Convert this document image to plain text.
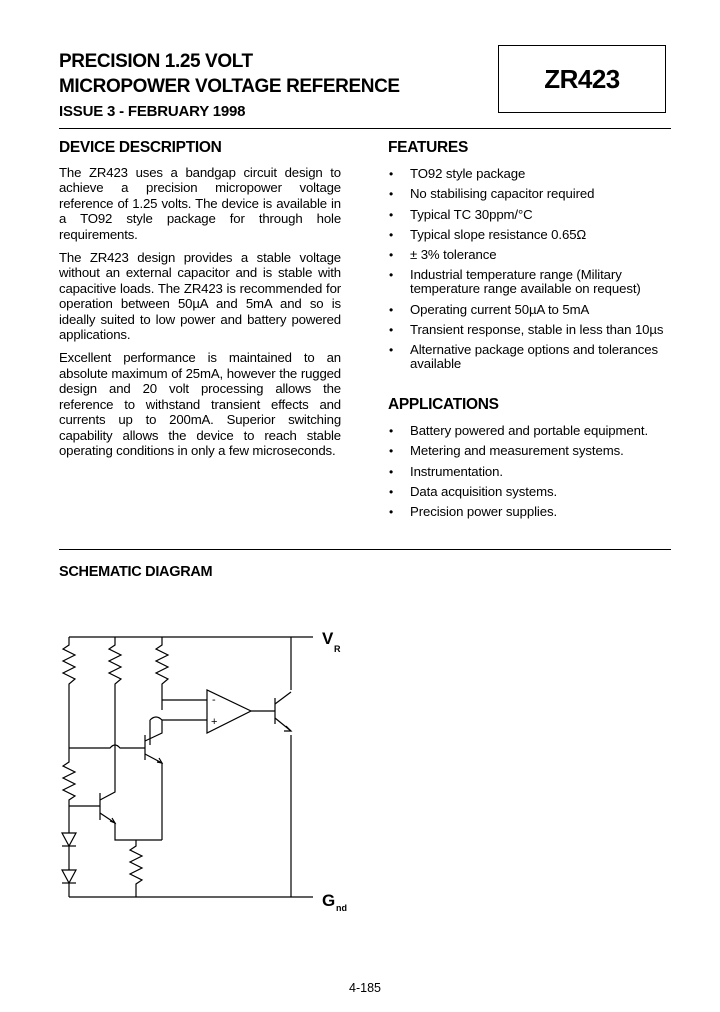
PRECISION 1.25 VOLT
MICROPOWER VOLTAGE REFERENCE
ISSUE 3 - FEBRUARY 1998
ZR423
DEVICE DESCRIPTION

The ZR423 uses a bandgap circuit design to achieve a precision micropower voltage reference of 1.25 volts. The device is available in a TO92 style package for through hole requirements.

The ZR423 design provides a stable voltage without an external capacitor and is stable with capacitive loads. The ZR423 is recommended for operation between 50µA and 5mA and so is ideally suited to low power and battery powered applications.

Excellent performance is maintained to an absolute maximum of 25mA, however the rugged design and 20 volt processing allows the reference to withstand transient effects and currents up to 200mA. Superior switching capability allows the device to reach stable operating conditions in only a few microseconds.

FEATURES
• TO92 style package
• No stabilising capacitor required
• Typical TC 30ppm/°C
• Typical slope resistance 0.65Ω
• ± 3% tolerance
• Industrial temperature range (Military temperature range available on request)
• Operating current 50µA to 5mA
• Transient response, stable in less than 10µs
• Alternative package options and tolerances available
APPLICATIONS
• Battery powered and portable equipment.
• Metering and measurement systems.
• Instrumentation.
• Data acquisition systems.
• Precision power supplies.
SCHEMATIC DIAGRAM
-
+
V
R
G nd
4-185
